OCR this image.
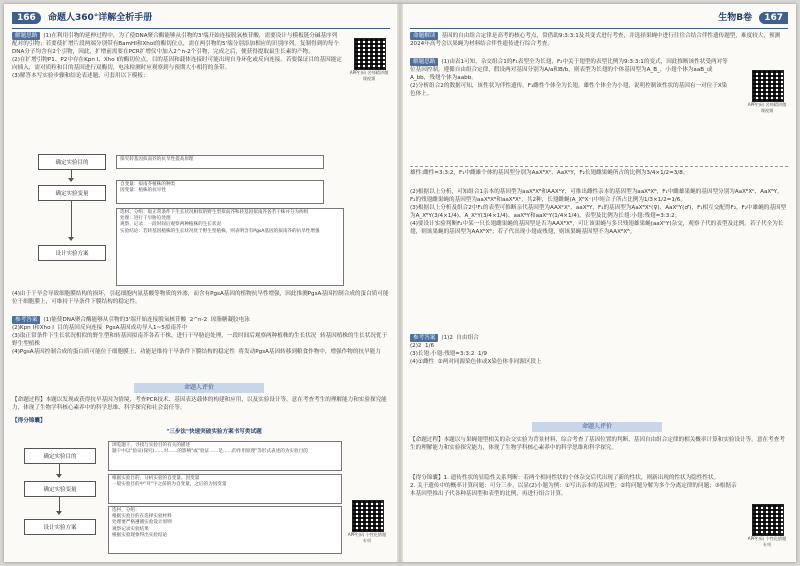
166 命题人360°详解全析手册
解题思路 (1)在利用引物的延伸过程中，为了使DNA聚合酶能够从引物的3'端开始连接脱氧核苷酸，需要设计与模板链分碱基序列配对的引物；若要使扩增片段两端分别带有BamHⅠ和XhoⅠ的酶切位点，需在两引物的5'端分别添加相应的识别序列。复制得到的每个DNA分子均含有2个引物，因此，扩增前需要在PCR扩增仪中加入2^n-2个引物，完成之后，便获得提取鼠生长素的产物。
(2)在扩增引物P1、P2中存在Kpn Ⅰ、Xho Ⅰ的酶切位点，目的基因和载体连接时可能出现自身环化或反向连接。若要保证目的基因能定向插入，需对质粒和目的基因进行双酶切，电泳检测时应观察到与预期大小相符的条带。
(3)解答本写实验步骤和结论表述题，可套用以下模板：
APP扫码 名师精讲微课视频
确定实验目的
探究转基因拟南芥的抗旱性提高原理
确定实验变量
自变量：拟南芥植株的种类
因变量：植株的抗旱性
设计实验方案
选材、分组：取正常条件下生长状况相似的野生型拟南芥和转基因拟南芥各若干株并分为两组
处理：进行干旱胁迫处理
观察、记录：一段时间后观察两种植株的生长状况
实验结论：若转基因植株的生长状况优于野生型植株，则表明含有PgsA基因的拟南芥的抗旱性增强
(4)由于干旱会导致细胞膜结构的损坏，引起细胞内氨基酸等物质的外渗，而含有PgsA基因的植物抗旱性增强，因此推测PgsA基因控制合成的蛋白质可能位于细胞膜上，可维持干旱条件下膜结构的稳定性。
参考答案 (1)能使DNA聚合酶能够从引物的3'端开始连接脱氧核苷酸  2^n-2  琼脂糖凝胶电泳
(2)Kpn Ⅰ和Xho Ⅰ  目的基因反向连接  PgsA基因成功导入1~5拟南芥中
(3)取正常条件下生长状况相似的野生型和转基因拟南芥各若干株，进行干旱胁迫处理，一段时间后观察两种植株的生长状况  转基因植株的生长状况优于野生型植株
(4)PgsA基因控制合成的蛋白质可能位于细胞膜上，功能是维持干旱条件下膜结构的稳定性  将发动PgsA基因转移到粮食作物中，增强作物的抗旱能力
命题人评价
【命题过程】本题以发现或获得抗旱基因为情境，考查PCR技术、基因表达载体的构建和应用，以及实验设计等，意在考查考生的理解能力和实验探究能力，体现了生物学科核心素养中的科学思维、科学探究和社会责任等。
【得分锦囊】
"三步法"快速突破实验方案书写类试题
确定实验目的
浏览题干，寻找与实验目的有关的描述
题干中以"验证(探究)……对……的影响"或"验证……是……的作用原理"等形式表述的为实验目的
确定实验变量
根据实验目的，分析实验的自变量、因变量
一般实验目的中"对"字之前的为自变量，之后的为因变量
设计实验方案
选材，分组：
根据实验目的在选择实验材料
处理要严格遵循实验设计原则
观察记录实验结果
根据实验现象得出实验结论	APP扫码 个性化错题专项
生物B卷 167
命题解读 基因的自由组合定律是高考的核心考点，常借助9:3:3:1及其变式进行考查，并选择果蝇中进行往往合结合伴性遗传题型，难度较大，预测2024年高考会以果蝇为材料结合伴性遗传进行综合考查。
解题思路 (1)由表1可知，杂交组合1的F₁表型全为长翅，F₂中关于翅型的表型比例为9:3:3:1的变式，因此推断该性状受两对等位基因控制，遵循自由组合定律，假设两对基因分别为A/a和B/b，则表型为长翅的个体基因型为A_B_，小翅个体为aaB_或A_bb，残翅个体为aabb。
(2)分析组合2的数据可知，该性状为伴性遗传，F₁雌性个体全为长翅，雄性个体全为小翅，说明控制该性状的基因有一对位于X染色体上。
APP扫码 名师精讲微课视频
雄性:雌性=3:3:2，F₁中雌雄个体的基因型分别为AaXᴮXᵇ、AaXᵇY，F₂长翅雌果蝇所占的比例为3/4×1/2=3/8。
(2)根据以上分析，可知组合1亲本的基因型为aaXᴮXᴮ和AAXᵇY，可推出雌性亲本的基因型为aaXᴮXᴮ，F₁中雌雄果蝇的基因型分别为AaXᴮXᵇ、AaXᴮY，F₂的残翅雌果蝇的基因型为aaXᴮXᴮ和aaXᴮXᵇ，共2种，长翅雌蝇(A_XᴮX⁻)中纯合子所占比例为1/3×1/2=1/6。
(3)根据以上分析及组合2中F₁的表型可推断亲代基因型为AAXᵇXᵇ、aaXᴮY，F₁的基因型为AaXᴮXᵇ(♀)、AaXᵇY(♂)，F₁相互交配得F₂，F₂中雄蝇的基因型为A_XᴮY(3/4×1/4)、A_XᵇY(3/4×1/4)、aaXᴮY和aaXᵇY(1/4×1/4)，表型及比例为长翅:小翅:残翅=3:3:2。
(4)要设计实验判断F₂中某一只长翅雌果蝇的基因型是否为AAXᴮXᴮ，可让该果蝇与多只残翅雄果蝇(aaXᵇY)杂交，观察子代的表型及比例。若子代全为长翅，则该果蝇的基因型为AAXᴮXᴮ；若子代出现小翅或残翅，则该果蝇基因型不为AAXᴮXᴮ。
参考答案 (1)2  自由组合
(2)2  1/6
(3)长翅:小翅:残翅=3:3:2  1/9
(4)①雌性  ②两对同源染色体或X染色体非同源区段上
命题人评价
【命题过程】本题以与果蝇翅型相关的杂交实验为背景材料，综合考查了基因位置的判断、基因自由组合定律的相关概率计算和实验设计等。意在考查考生的理解能力和实验探究能力，体现了生物学科核心素养中的科学思维和科学探究。
【得分锦囊】1. 遗传性状的显隐性关系判断：若两个相同性状的个体杂交后代出现了新的性状，则新出现的性状为隐性性状。
2. 关于遗传中的概率计算问题：可分三步，以显(2)小题为例：①写出亲本的基因型；②将问题分解为多个分离定律的问题；③根据亲本基因型推出子代各种基因型和表型的比例，再进行组合计算。
APP扫码 个性化错题专项
